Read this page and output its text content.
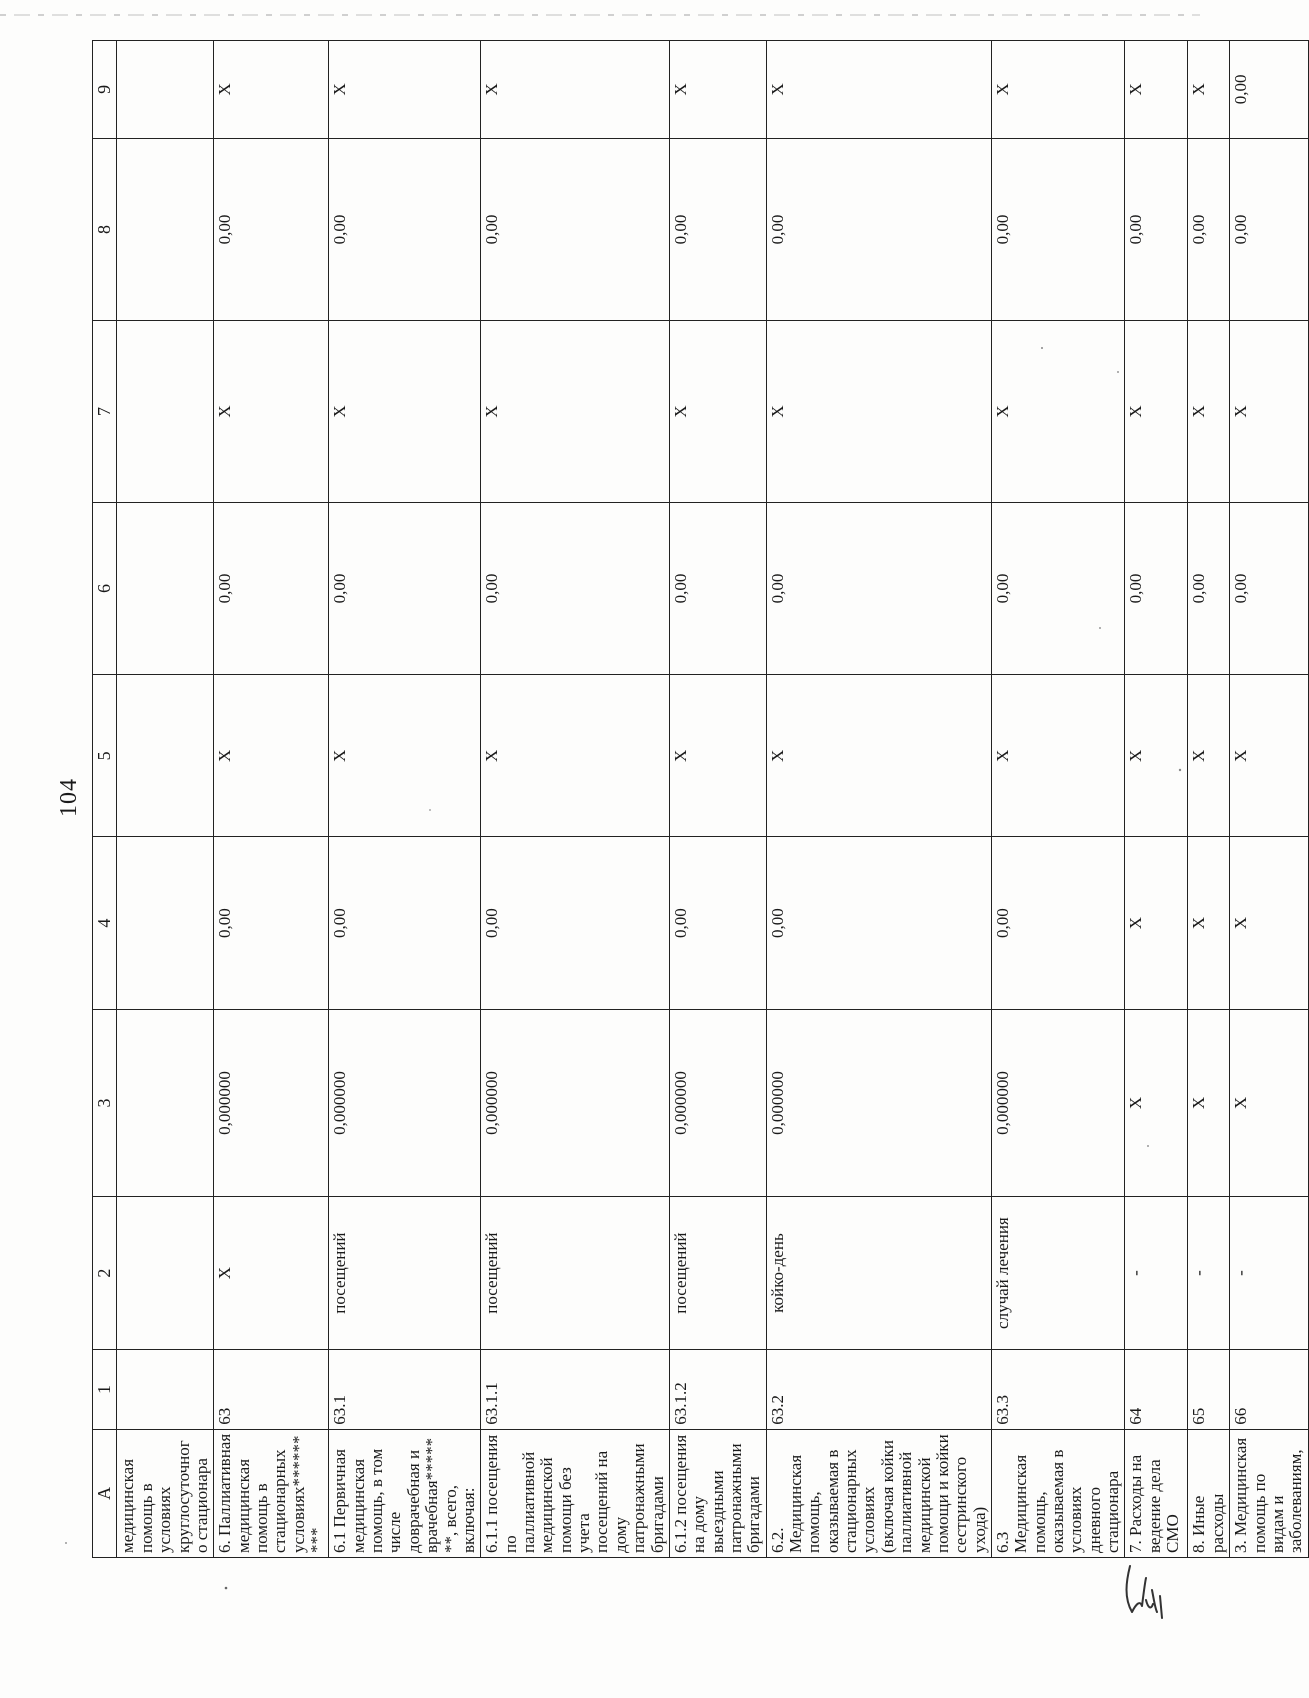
104
A	1	2	3	4	5	6	7	8	9
медицинская помощь в условиях круглосуточного стационара									
6. Паллиативная медицинская помощь в стационарных условиях*********	63	X	0,000000	0,00	X	0,00	X	0,00	X
6.1 Первичная медицинская помощь, в том числе доврачебная и врачебная*******, всего, включая:	63.1	посещений	0,000000	0,00	X	0,00	X	0,00	X
6.1.1 посещения по паллиативной медицинской помощи без учета посещений на дому патронажными бригадами	63.1.1	посещений	0,000000	0,00	X	0,00	X	0,00	X
6.1.2 посещения на дому выездными патронажными бригадами	63.1.2	посещений	0,000000	0,00	X	0,00	X	0,00	X
6.2. Медицинская помощь, оказываемая в стационарных условиях (включая койки паллиативной медицинской помощи и койки сестринского ухода)	63.2	койко-день	0,000000	0,00	X	0,00	X	0,00	X
6.3 Медицинская помощь, оказываемая в условиях дневного стационара	63.3	случай лечения	0,000000	0,00	X	0,00	X	0,00	X
7. Расходы на ведение дела СМО	64	-	X	X	X	0,00	X	0,00	X
8. Иные расходы	65	-	X	X	X	0,00	X	0,00	X
3. Медицинская помощь по видам и заболеваниям,	66	-	X	X	X	0,00	X	0,00	0,00
